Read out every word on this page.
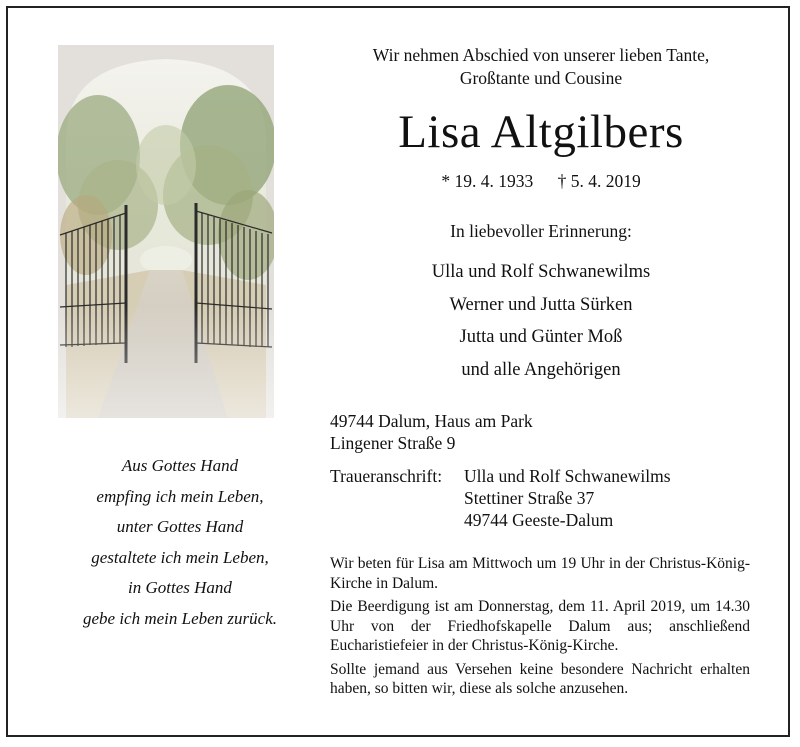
Aus Gottes Hand
empfing ich mein Leben,
unter Gottes Hand
gestaltete ich mein Leben,
in Gottes Hand
gebe ich mein Leben zurück.
Wir nehmen Abschied von unserer lieben Tante,
Großtante und Cousine
Lisa Altgilbers
* 19. 4. 1933 † 5. 4. 2019
In liebevoller Erinnerung:
Ulla und Rolf Schwanewilms
Werner und Jutta Sürken
Jutta und Günter Moß
und alle Angehörigen
49744 Dalum, Haus am Park
Lingener Straße 9
Traueranschrift: Ulla und Rolf Schwanewilms
Stettiner Straße 37
49744 Geeste-Dalum

Wir beten für Lisa am Mittwoch um 19 Uhr in der Christus-König-Kirche in Dalum.

Die Beerdigung ist am Donnerstag, dem 11. April 2019, um 14.30 Uhr von der Friedhofskapelle Dalum aus; anschließend Eucharistiefeier in der Christus-König-Kirche.

Sollte jemand aus Versehen keine besondere Nachricht erhalten haben, so bitten wir, diese als solche anzusehen.
